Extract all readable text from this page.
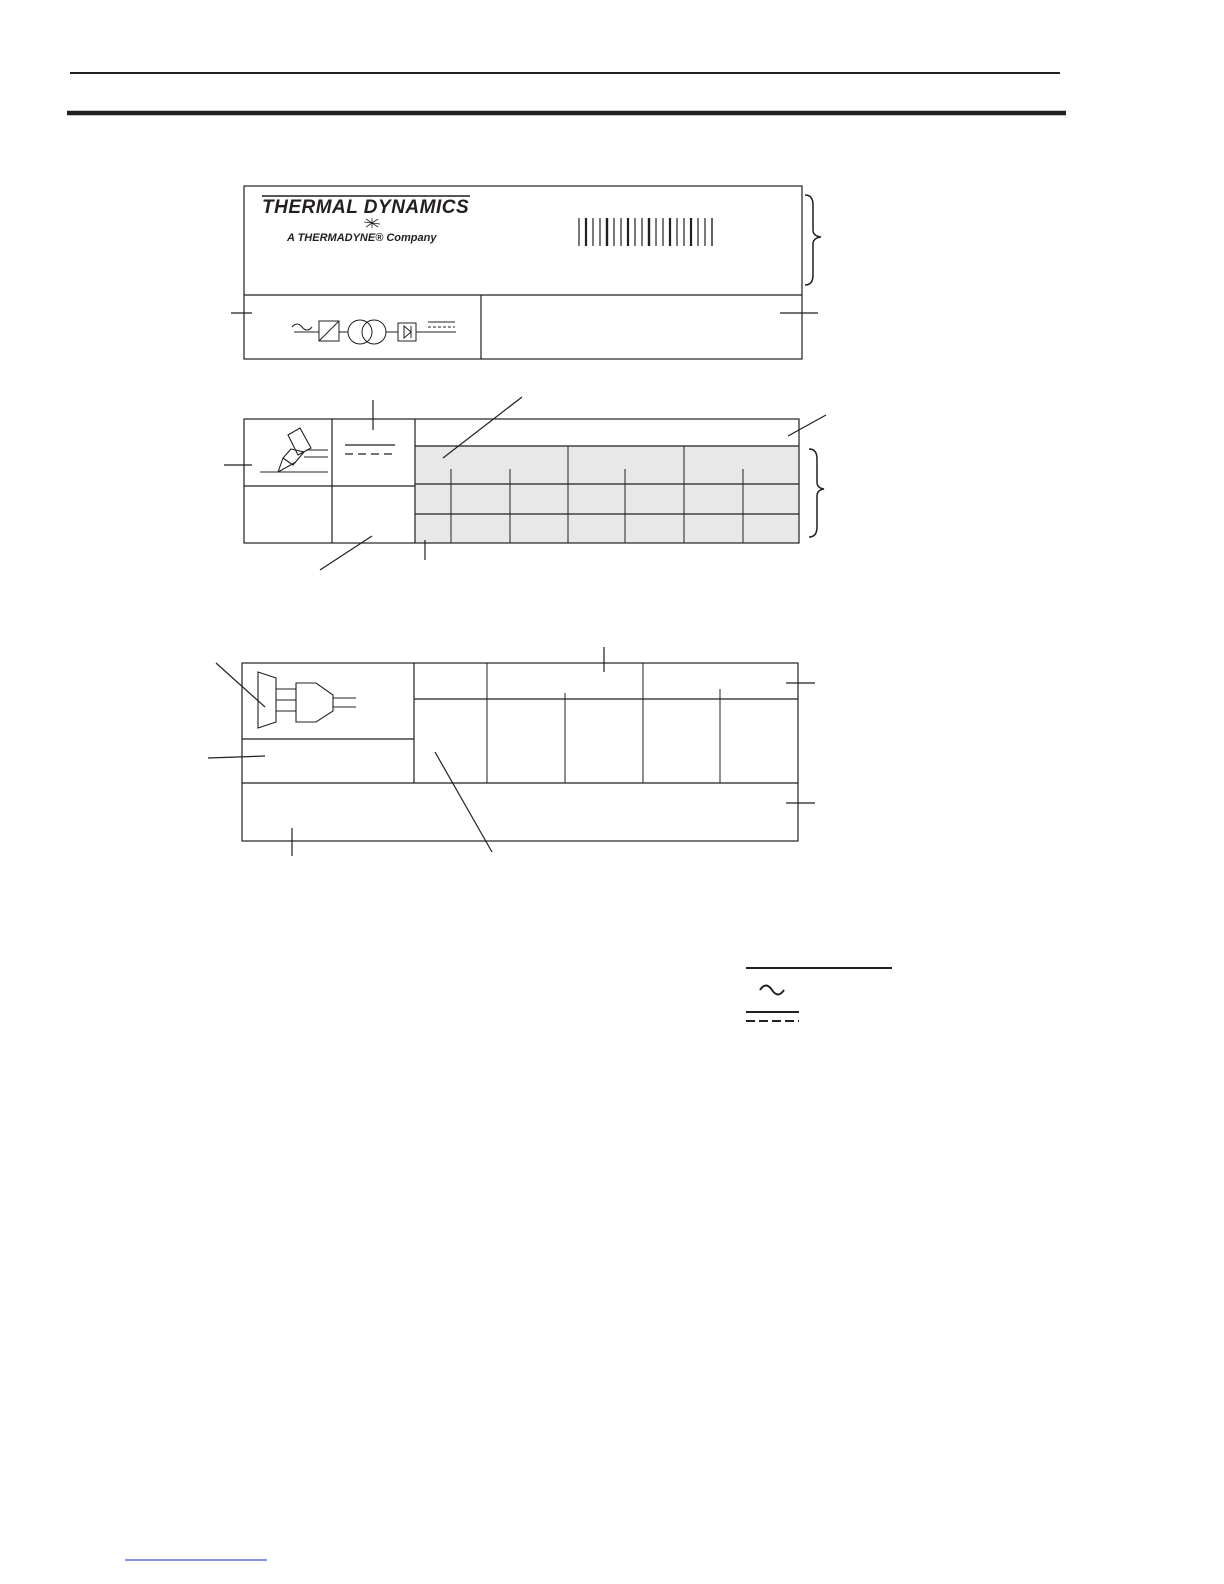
THERMAL DYNAMICS
A THERMADYNE® Company
